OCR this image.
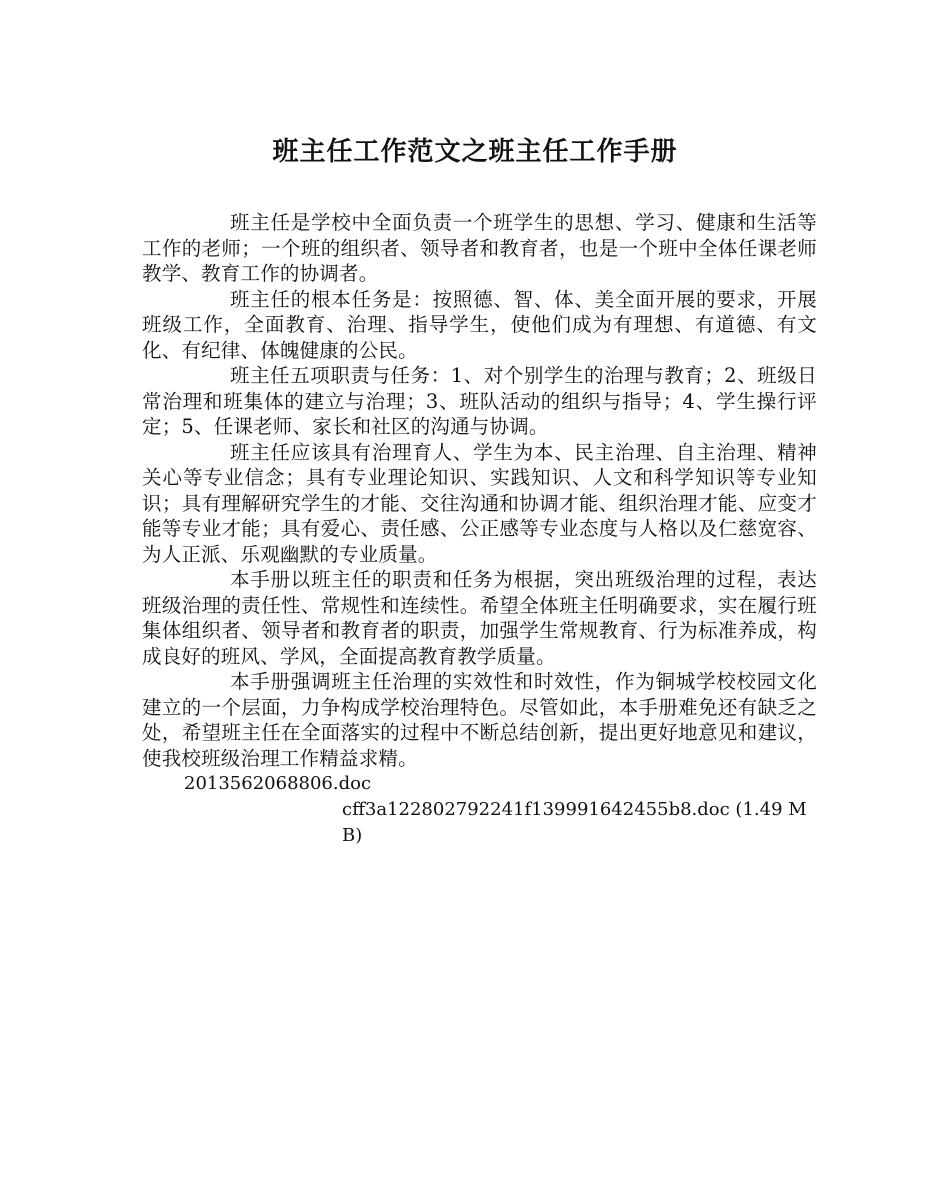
班主任工作范文之班主任工作手册

班主任是学校中全面负责一个班学生的思想、学习、健康和生活等工作的老师；一个班的组织者、领导者和教育者，也是一个班中全体任课老师教学、教育工作的协调者。

班主任的根本任务是：按照德、智、体、美全面开展的要求，开展班级工作，全面教育、治理、指导学生，使他们成为有理想、有道德、有文化、有纪律、体魄健康的公民。

班主任五项职责与任务：1、对个别学生的治理与教育；2、班级日常治理和班集体的建立与治理；3、班队活动的组织与指导；4、学生操行评定；5、任课老师、家长和社区的沟通与协调。

班主任应该具有治理育人、学生为本、民主治理、自主治理、精神关心等专业信念；具有专业理论知识、实践知识、人文和科学知识等专业知识；具有理解研究学生的才能、交往沟通和协调才能、组织治理才能、应变才能等专业才能；具有爱心、责任感、公正感等专业态度与人格以及仁慈宽容、为人正派、乐观幽默的专业质量。

本手册以班主任的职责和任务为根据，突出班级治理的过程，表达班级治理的责任性、常规性和连续性。希望全体班主任明确要求，实在履行班集体组织者、领导者和教育者的职责，加强学生常规教育、行为标准养成，构成良好的班风、学风，全面提高教育教学质量。

本手册强调班主任治理的实效性和时效性，作为铜城学校校园文化建立的一个层面，力争构成学校治理特色。尽管如此，本手册难免还有缺乏之处，希望班主任在全面落实的过程中不断总结创新，提出更好地意见和建议，使我校班级治理工作精益求精。

2013562068806.doc

cff3a122802792241f139991642455b8.doc (1.49 MB)
